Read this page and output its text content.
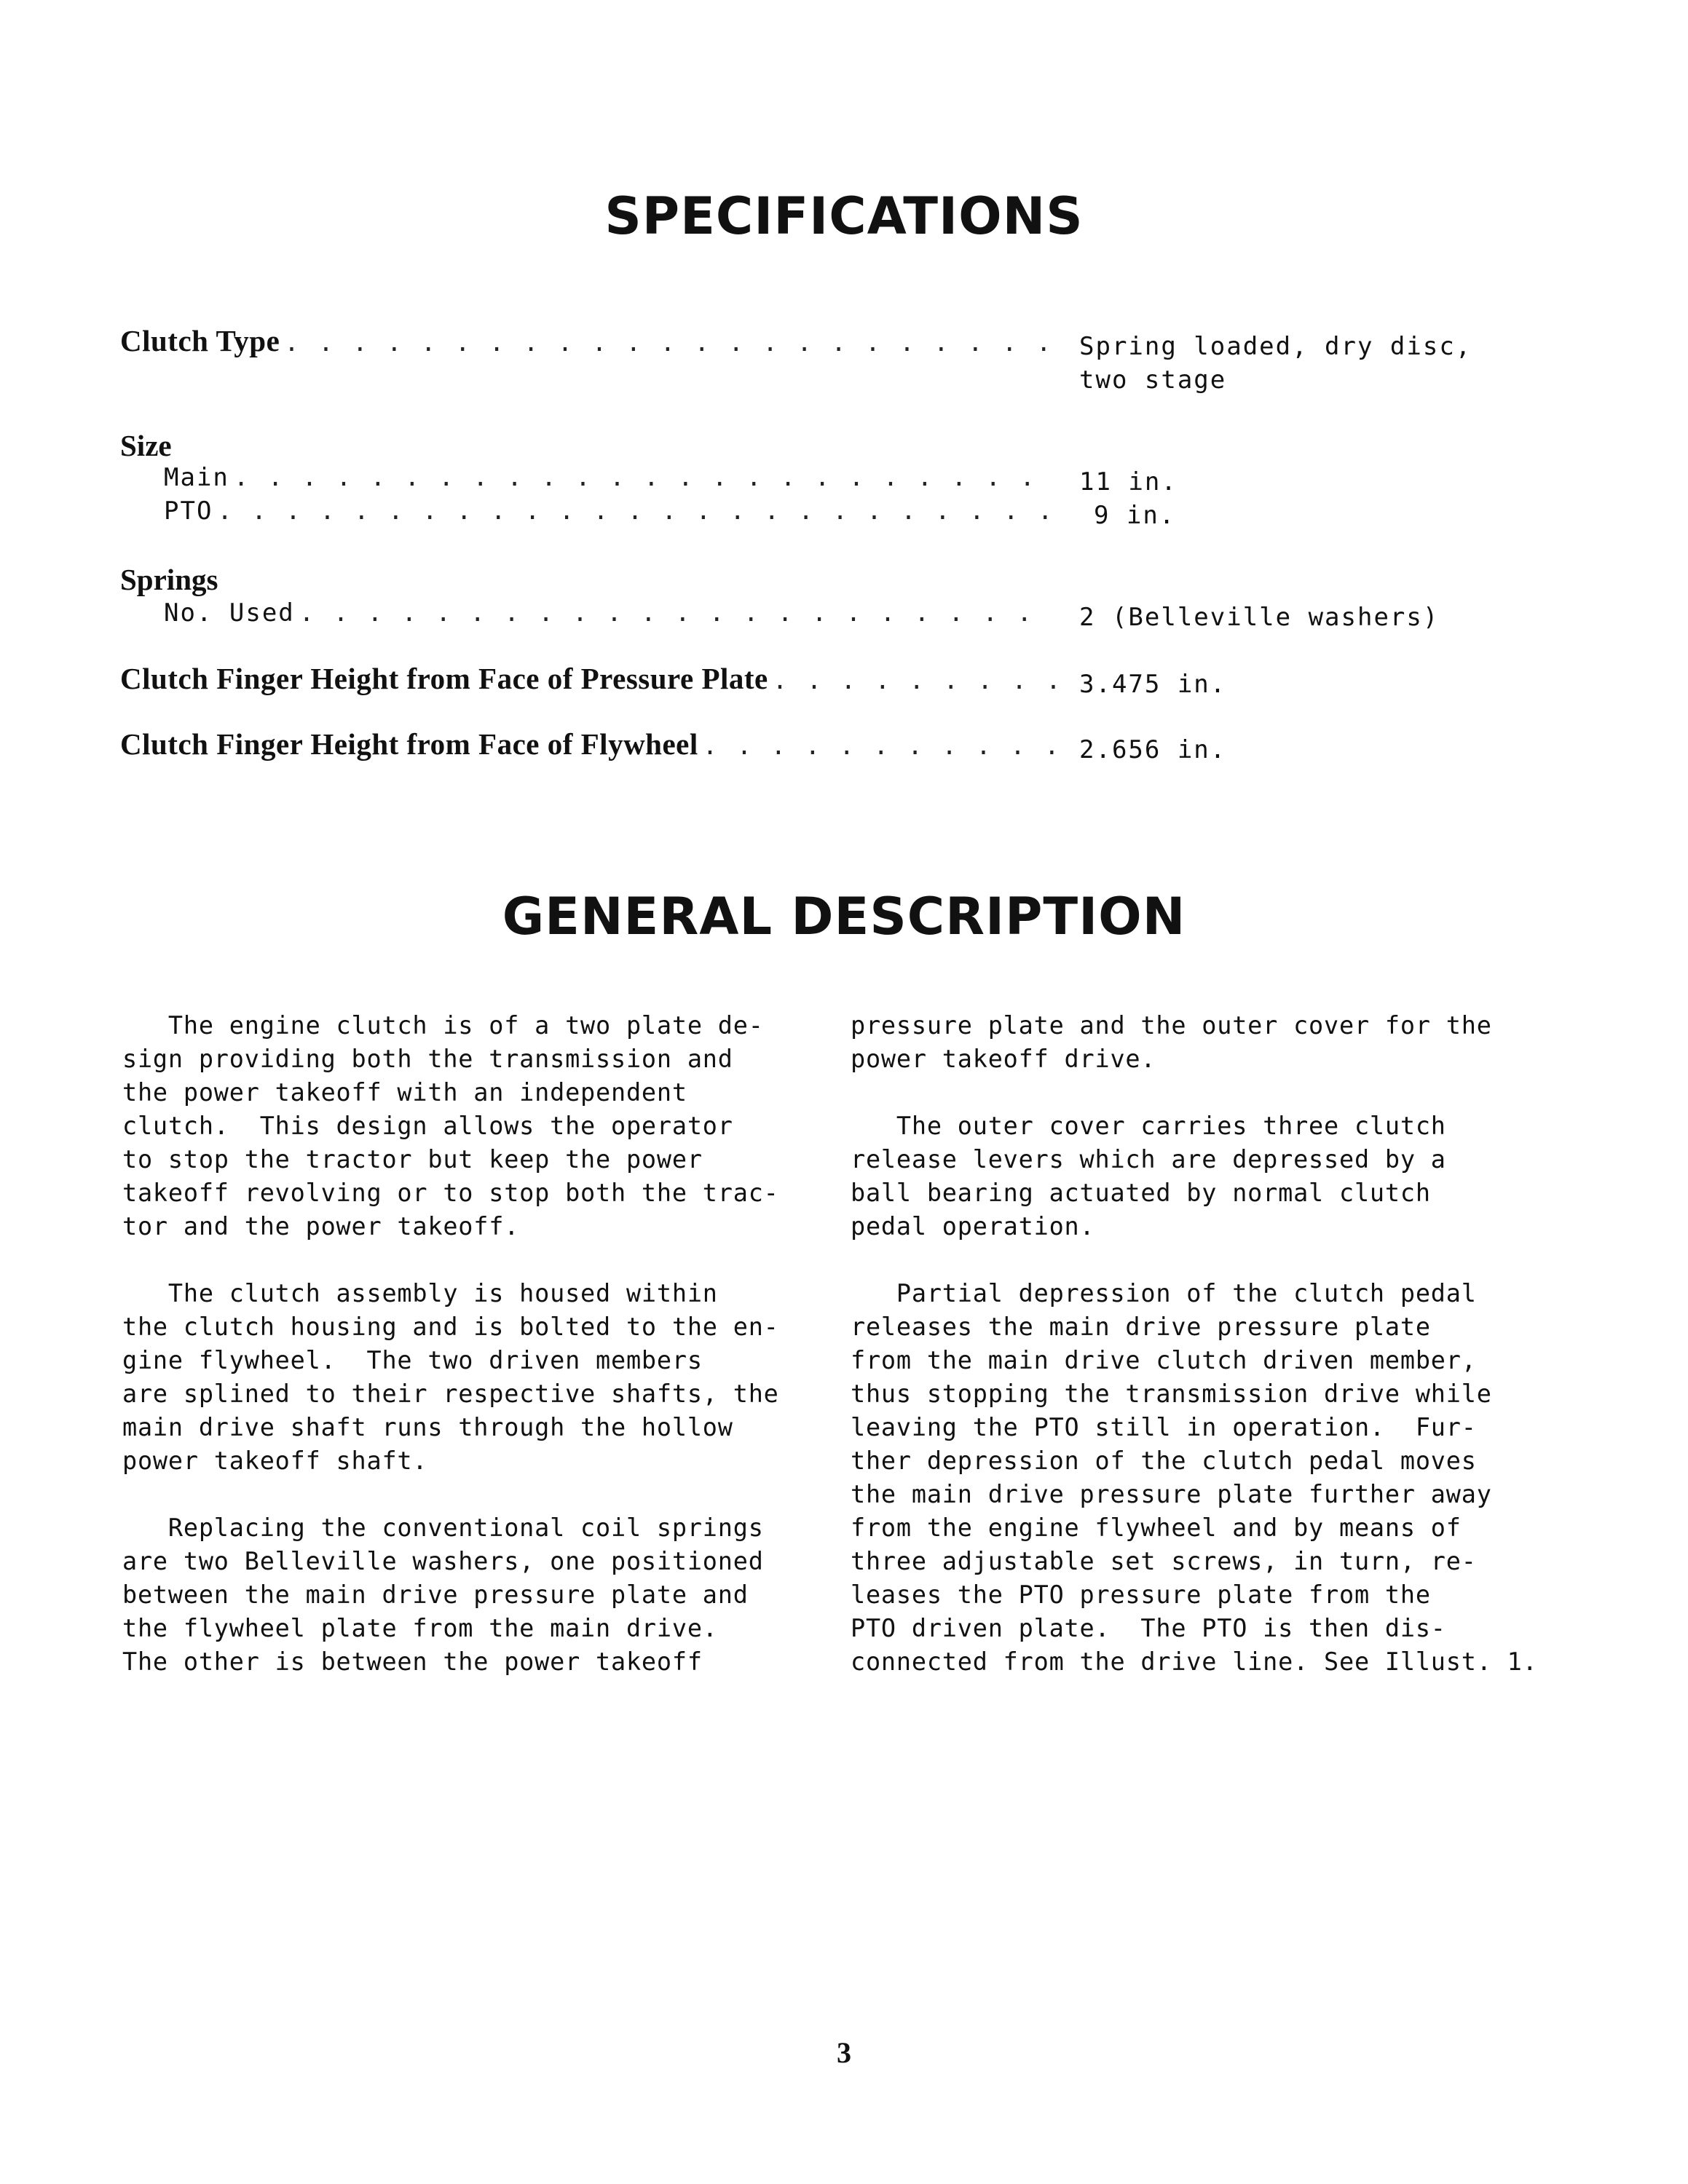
SPECIFICATIONS
Clutch Type . . .	Spring loaded, dry disc,
two stage
Size
Main . . .	11 in.
PTO . . .	9 in.
Springs
No. Used . . .	2 (Belleville washers)
Clutch Finger Height from Face of Pressure Plate . . .	3.475 in.
Clutch Finger Height from Face of Flywheel . . .	2.656 in.
GENERAL DESCRIPTION

The engine clutch is of a two plate de-
sign providing both the transmission and
the power takeoff with an independent
clutch.  This design allows the operator
to stop the tractor but keep the power
takeoff revolving or to stop both the trac-
tor and the power takeoff.

The clutch assembly is housed within
the clutch housing and is bolted to the en-
gine flywheel.  The two driven members
are splined to their respective shafts, the
main drive shaft runs through the hollow
power takeoff shaft.

Replacing the conventional coil springs
are two Belleville washers, one positioned
between the main drive pressure plate and
the flywheel plate from the main drive.
The other is between the power takeoff

pressure plate and the outer cover for the
power takeoff drive.

The outer cover carries three clutch
release levers which are depressed by a
ball bearing actuated by normal clutch
pedal operation.

Partial depression of the clutch pedal
releases the main drive pressure plate
from the main drive clutch driven member,
thus stopping the transmission drive while
leaving the PTO still in operation.  Fur-
ther depression of the clutch pedal moves
the main drive pressure plate further away
from the engine flywheel and by means of
three adjustable set screws, in turn, re-
leases the PTO pressure plate from the
PTO driven plate.  The PTO is then dis-
connected from the drive line. See Illust. 1.

3
